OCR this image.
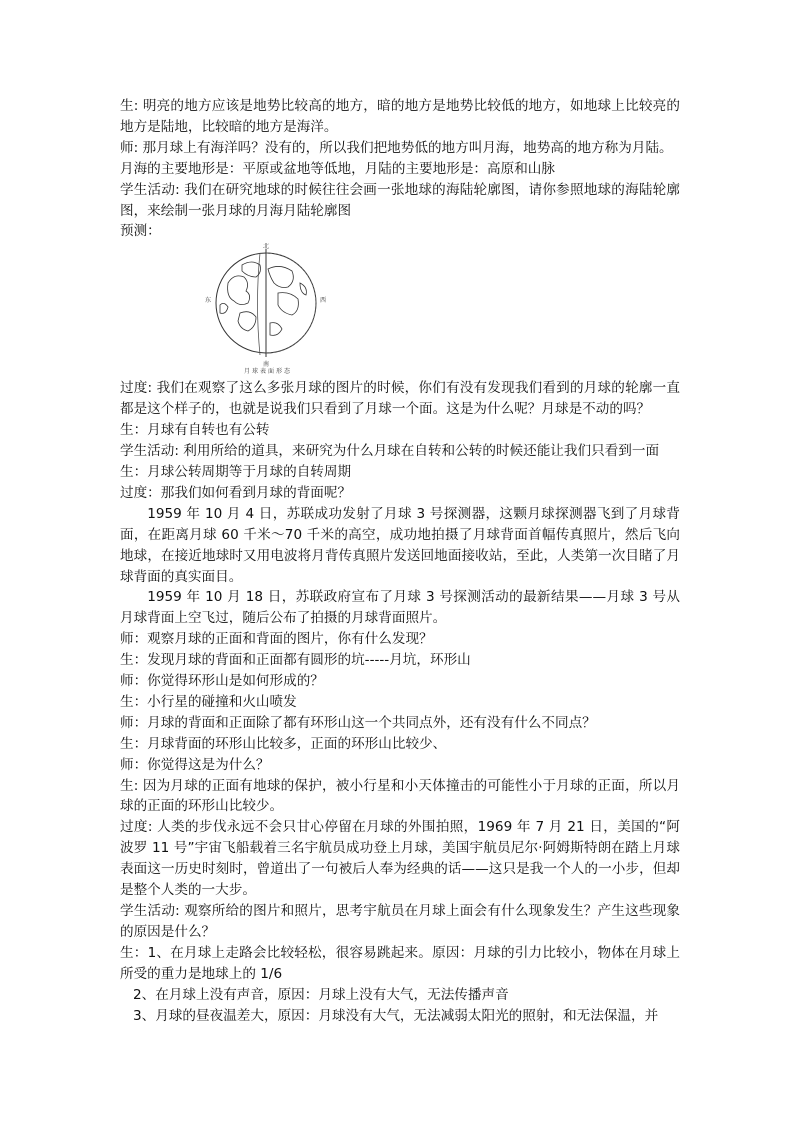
生: 明亮的地方应该是地势比较高的地方，暗的地方是地势比较低的地方，如地球上比较亮的地方是陆地，比较暗的地方是海洋。

师: 那月球上有海洋吗？没有的，所以我们把地势低的地方叫月海，地势高的地方称为月陆。

月海的主要地形是：平原或盆地等低地，月陆的主要地形是：高原和山脉

学生活动: 我们在研究地球的时候往往会画一张地球的海陆轮廓图，请你参照地球的海陆轮廓图，来绘制一张月球的月海月陆轮廓图

预测：

北
南
东	西
月球表面形态

过度: 我们在观察了这么多张月球的图片的时候，你们有没有发现我们看到的月球的轮廓一直都是这个样子的，也就是说我们只看到了月球一个面。这是为什么呢？月球是不动的吗？

生：月球有自转也有公转

学生活动: 利用所给的道具，来研究为什么月球在自转和公转的时候还能让我们只看到一面

生：月球公转周期等于月球的自转周期

过度：那我们如何看到月球的背面呢？

1959 年 10 月 4 日，苏联成功发射了月球 3 号探测器，这颗月球探测器飞到了月球背面，在距离月球 60 千米～70 千米的高空，成功地拍摄了月球背面首幅传真照片，然后飞向地球，在接近地球时又用电波将月背传真照片发送回地面接收站，至此，人类第一次目睹了月球背面的真实面目。

1959 年 10 月 18 日，苏联政府宣布了月球 3 号探测活动的最新结果——月球 3 号从月球背面上空飞过，随后公布了拍摄的月球背面照片。

师：观察月球的正面和背面的图片，你有什么发现？

生：发现月球的背面和正面都有圆形的坑-----月坑，环形山

师：你觉得环形山是如何形成的？

生：小行星的碰撞和火山喷发

师：月球的背面和正面除了都有环形山这一个共同点外，还有没有什么不同点？

生：月球背面的环形山比较多，正面的环形山比较少、

师：你觉得这是为什么？

生: 因为月球的正面有地球的保护，被小行星和小天体撞击的可能性小于月球的正面，所以月球的正面的环形山比较少。

过度: 人类的步伐永远不会只甘心停留在月球的外围拍照，1969 年 7 月 21 日，美国的“阿波罗 11 号”宇宙飞船载着三名宇航员成功登上月球，美国宇航员尼尔·阿姆斯特朗在踏上月球表面这一历史时刻时，曾道出了一句被后人奉为经典的话——这只是我一个人的一小步，但却是整个人类的一大步。

学生活动: 观察所给的图片和照片，思考宇航员在月球上面会有什么现象发生？产生这些现象的原因是什么？

生：1、在月球上走路会比较轻松，很容易跳起来。原因：月球的引力比较小，物体在月球上所受的重力是地球上的 1/6

2、在月球上没有声音，原因：月球上没有大气，无法传播声音

3、月球的昼夜温差大，原因：月球没有大气，无法减弱太阳光的照射，和无法保温，并
